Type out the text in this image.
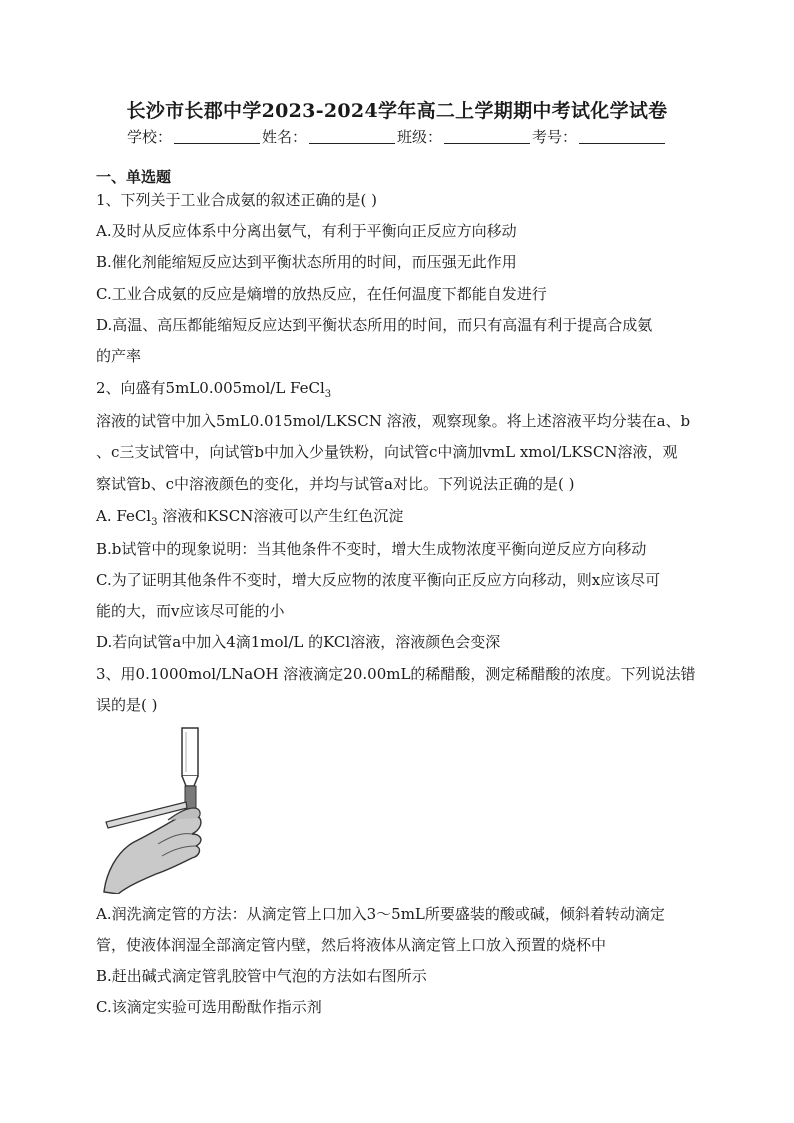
长沙市长郡中学2023-2024学年高二上学期期中考试化学试卷
学校：	姓名：	班级：	考号：
一、单选题
1、下列关于工业合成氨的叙述正确的是( )
A.及时从反应体系中分离出氨气，有利于平衡向正反应方向移动
B.催化剂能缩短反应达到平衡状态所用的时间，而压强无此作用
C.工业合成氨的反应是熵增的放热反应，在任何温度下都能自发进行
D.高温、高压都能缩短反应达到平衡状态所用的时间，而只有高温有利于提高合成氨
的产率
2、向盛有5mL0.005mol/L FeCl$_3$
溶液的试管中加入5mL0.015mol/LKSCN 溶液，观察现象。将上述溶液平均分装在a、b
、c三支试管中，向试管b中加入少量铁粉，向试管c中滴加vmL xmol/LKSCN溶液，观
察试管b、c中溶液颜色的变化，并均与试管a对比。下列说法正确的是( )
A. FeCl$_3$ 溶液和KSCN溶液可以产生红色沉淀
B.b试管中的现象说明：当其他条件不变时，增大生成物浓度平衡向逆反应方向移动
C.为了证明其他条件不变时，增大反应物的浓度平衡向正反应方向移动，则x应该尽可
能的大，而v应该尽可能的小
D.若向试管a中加入4滴1mol/L 的KCl溶液，溶液颜色会变深
3、用0.1000mol/LNaOH 溶液滴定20.00mL的稀醋酸，测定稀醋酸的浓度。下列说法错
误的是( )
A.润洗滴定管的方法：从滴定管上口加入3～5mL所要盛装的酸或碱，倾斜着转动滴定
管，使液体润湿全部滴定管内壁，然后将液体从滴定管上口放入预置的烧杯中
B.赶出碱式滴定管乳胶管中气泡的方法如右图所示
C.该滴定实验可选用酚酞作指示剂
